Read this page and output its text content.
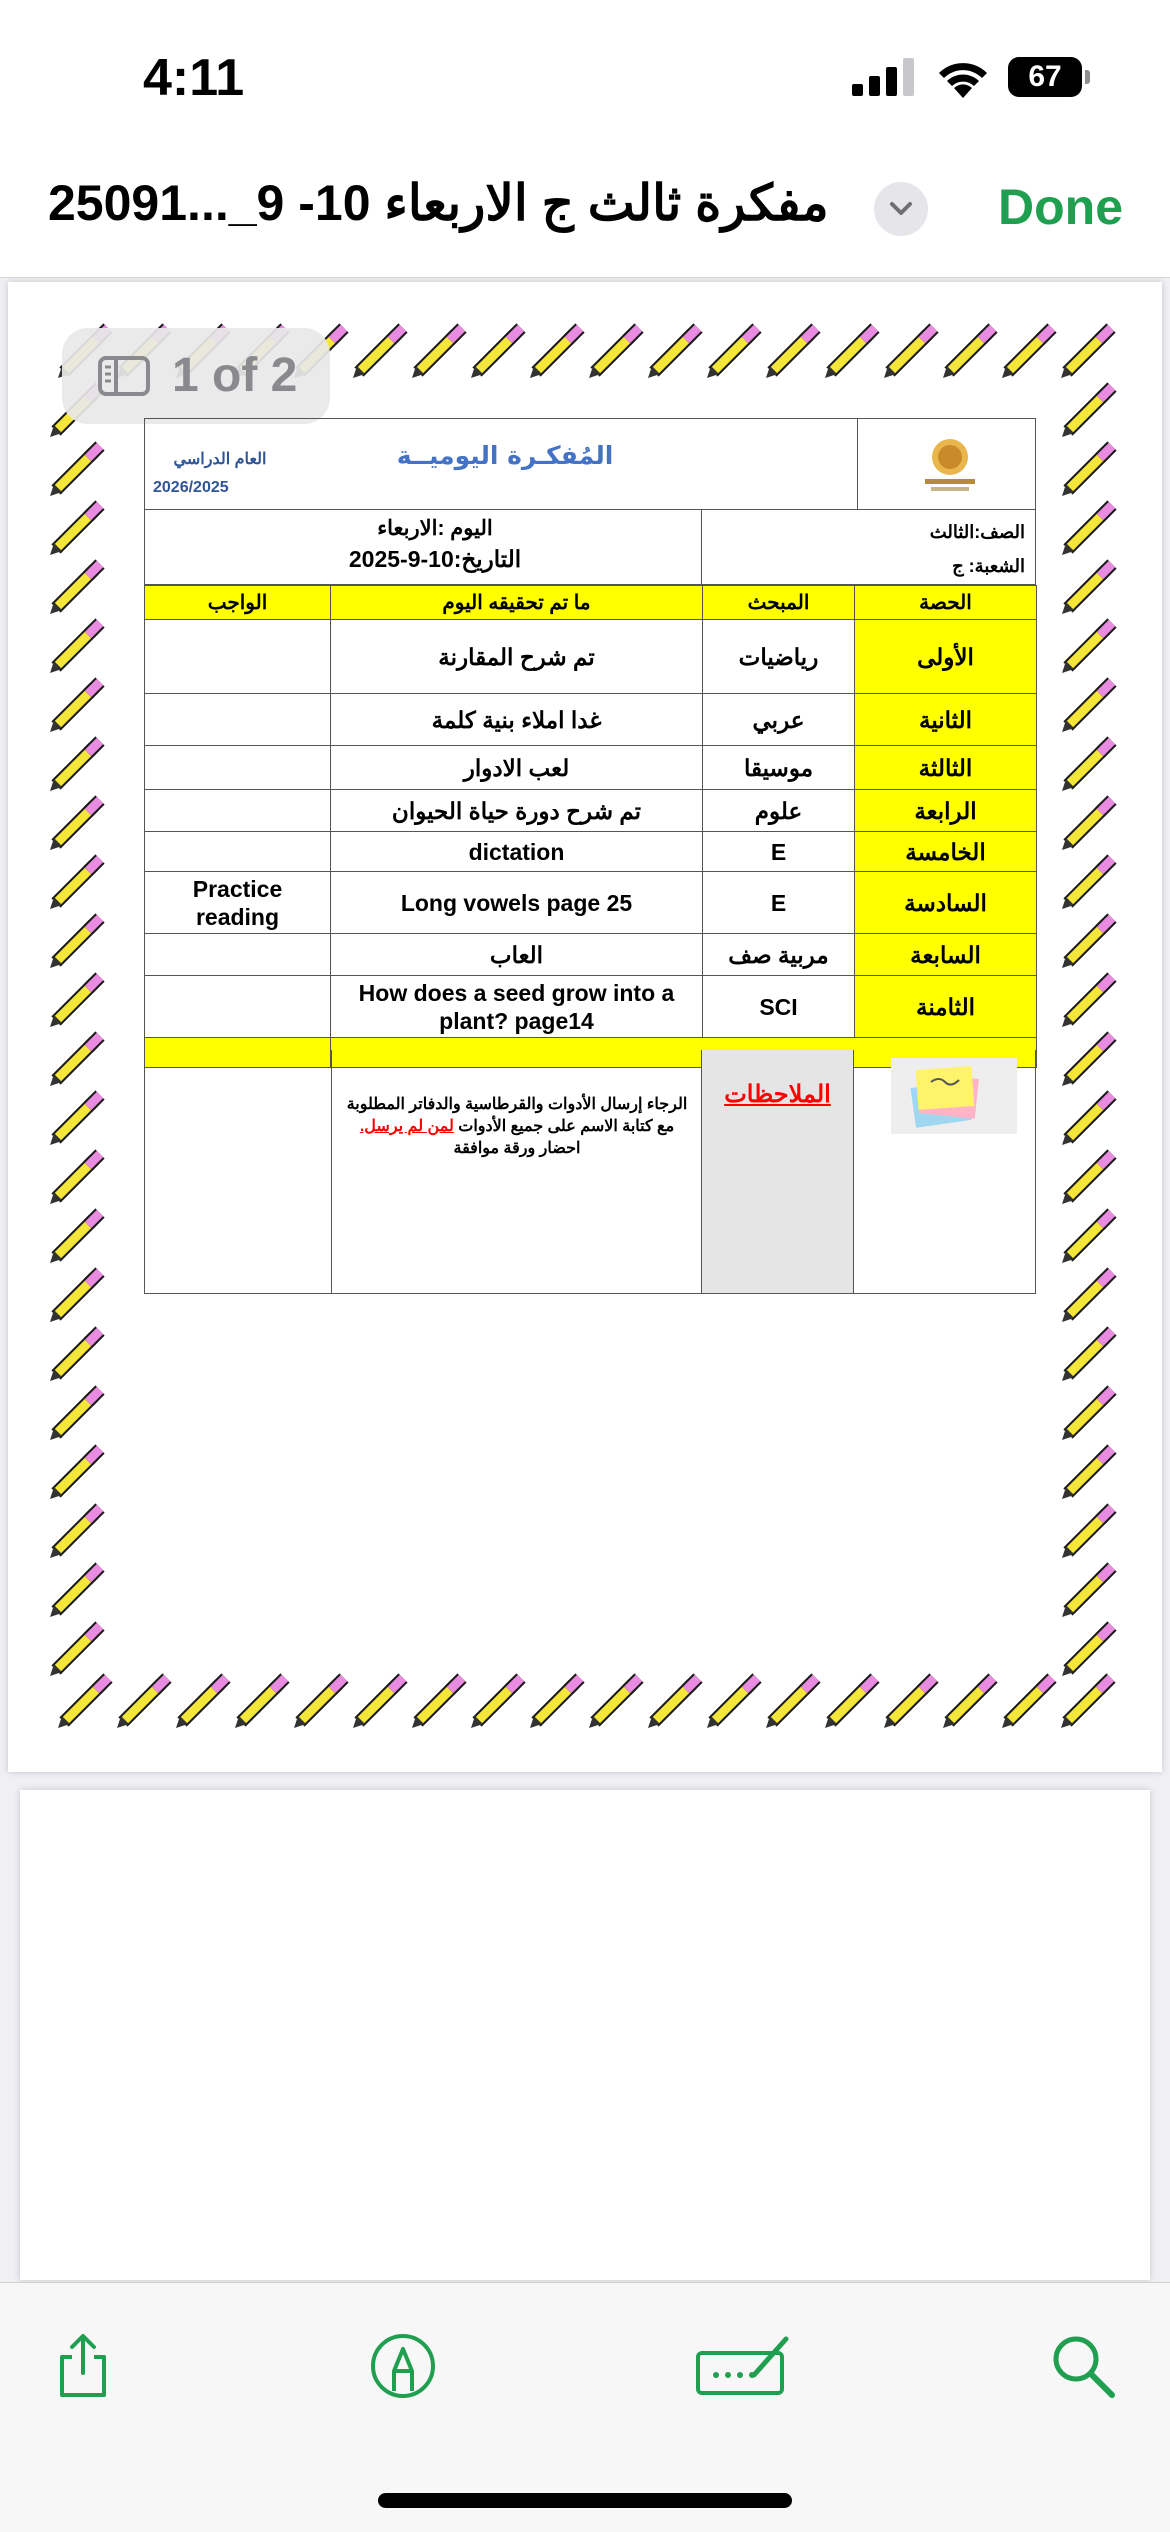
4:11	67
مفكرة ثالث ج الاربعاء 10- 9_...25091	Done
1 of 2
العام الدراسي
2026/2025
المُفكـرة اليوميــة
اليوم :الاربعاء
التاريخ:10-9-2025
الصف:الثالث
الشعبة: ج
الواجب	ما تم تحقيقه اليوم	المبحث	الحصة
	تم شرح المقارنة	رياضيات	الأولى
	غدا املاء بنية كلمة	عربي	الثانية
	لعب الادوار	موسيقا	الثالثة
	تم شرح دورة حياة الحيوان	علوم	الرابعة
	dictation	E	الخامسة
Practice reading	Long vowels page 25	E	السادسة
	العاب	مربية صف	السابعة
	How does a seed grow into a plant? page14	SCI	الثامنة

الملاحظات
الرجاء إرسال الأدوات والقرطاسية والدفاتر المطلوبة
مع كتابة الاسم على جميع الأدوات لمن لم يرسل.
احضار ورقة موافقة
